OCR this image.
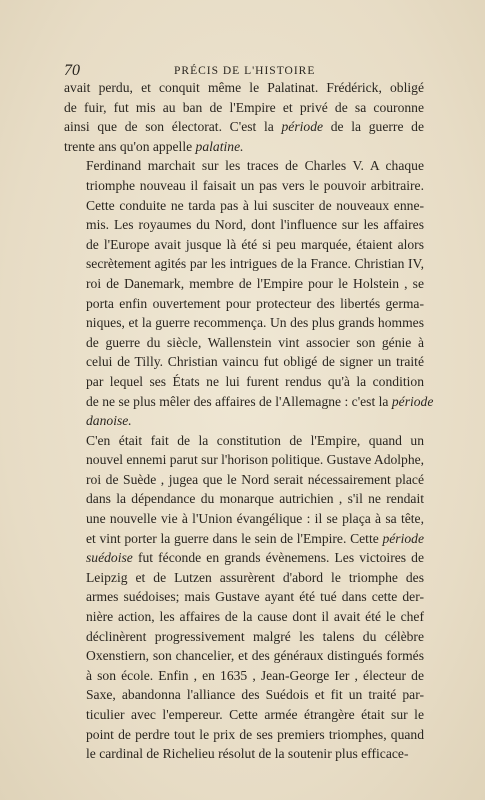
70	PRÉCIS DE L'HISTOIRE

avait perdu, et conquit même le Palatinat. Frédérick, obligé
de fuir, fut mis au ban de l'Empire et privé de sa couronne
ainsi que de son électorat. C'est la période de la guerre de
trente ans qu'on appelle palatine.

Ferdinand marchait sur les traces de Charles V. A chaque
triomphe nouveau il faisait un pas vers le pouvoir arbitraire.
Cette conduite ne tarda pas à lui susciter de nouveaux enne-
mis. Les royaumes du Nord, dont l'influence sur les affaires
de l'Europe avait jusque là été si peu marquée, étaient alors
secrètement agités par les intrigues de la France. Christian IV,
roi de Danemark, membre de l'Empire pour le Holstein , se
porta enfin ouvertement pour protecteur des libertés germa-
niques, et la guerre recommença. Un des plus grands hommes
de guerre du siècle, Wallenstein vint associer son génie à
celui de Tilly. Christian vaincu fut obligé de signer un traité
par lequel ses États ne lui furent rendus qu'à la condition
de ne se plus mêler des affaires de l'Allemagne : c'est la période
danoise.

C'en était fait de la constitution de l'Empire, quand un
nouvel ennemi parut sur l'horison politique. Gustave Adolphe,
roi de Suède , jugea que le Nord serait nécessairement placé
dans la dépendance du monarque autrichien , s'il ne rendait
une nouvelle vie à l'Union évangélique : il se plaça à sa tête,
et vint porter la guerre dans le sein de l'Empire. Cette période
suédoise fut féconde en grands évènemens. Les victoires de
Leipzig et de Lutzen assurèrent d'abord le triomphe des
armes suédoises; mais Gustave ayant été tué dans cette der-
nière action, les affaires de la cause dont il avait été le chef
déclinèrent progressivement malgré les talens du célèbre
Oxenstiern, son chancelier, et des généraux distingués formés
à son école. Enfin , en 1635 , Jean-George Ier , électeur de
Saxe, abandonna l'alliance des Suédois et fit un traité par-
ticulier avec l'empereur. Cette armée étrangère était sur le
point de perdre tout le prix de ses premiers triomphes, quand
le cardinal de Richelieu résolut de la soutenir plus efficace-
